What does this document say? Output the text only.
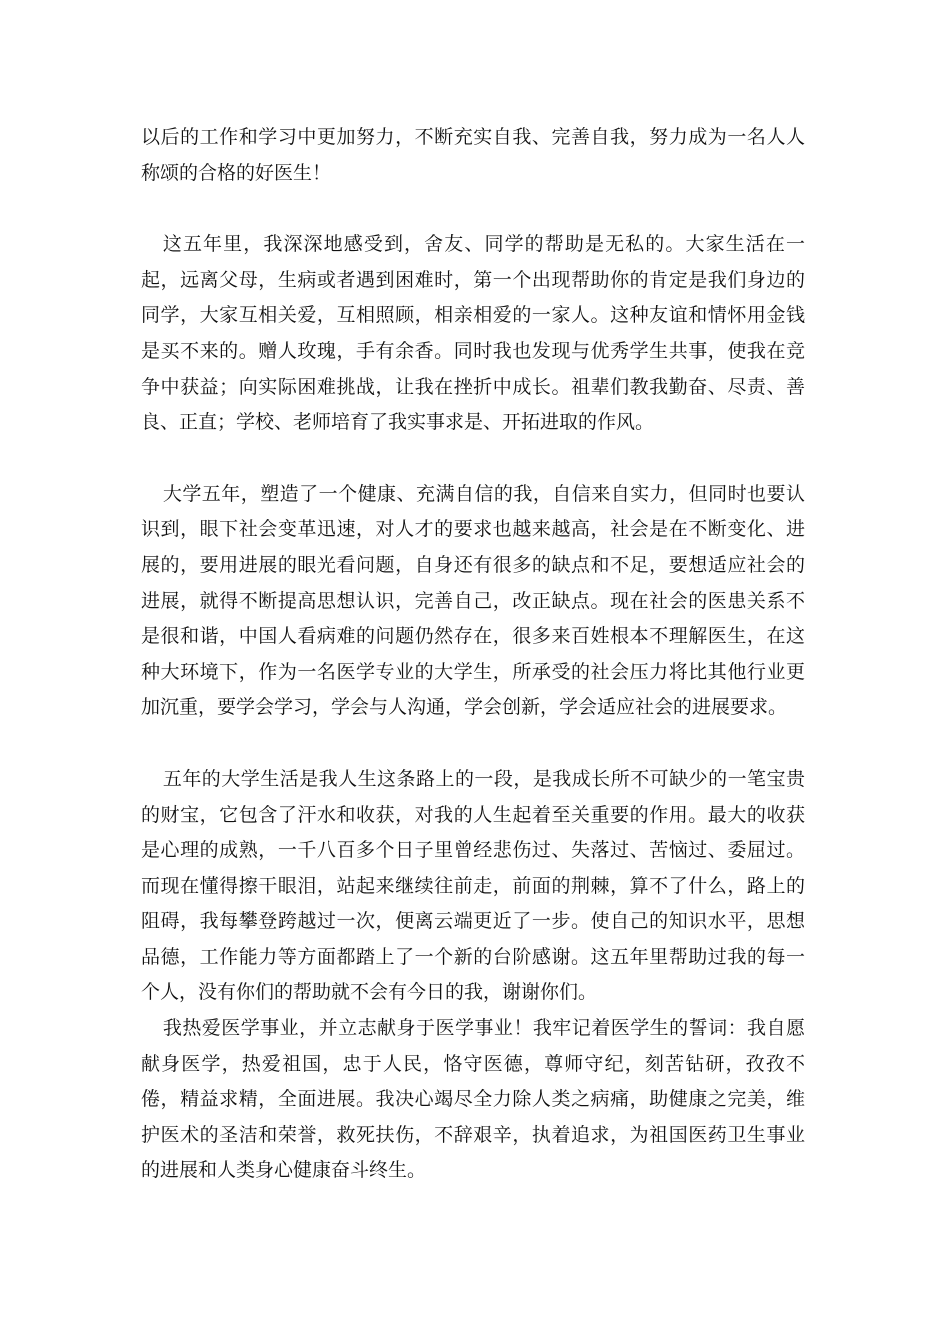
以后的工作和学习中更加努力，不断充实自我、完善自我，努力成为一名人人称颂的合格的好医生！

这五年里，我深深地感受到，舍友、同学的帮助是无私的。大家生活在一起，远离父母，生病或者遇到困难时，第一个出现帮助你的肯定是我们身边的同学，大家互相关爱，互相照顾，相亲相爱的一家人。这种友谊和情怀用金钱是买不来的。赠人玫瑰，手有余香。同时我也发现与优秀学生共事，使我在竞争中获益；向实际困难挑战，让我在挫折中成长。祖辈们教我勤奋、尽责、善良、正直；学校、老师培育了我实事求是、开拓进取的作风。

大学五年，塑造了一个健康、充满自信的我，自信来自实力，但同时也要认识到，眼下社会变革迅速，对人才的要求也越来越高，社会是在不断变化、进展的，要用进展的眼光看问题，自身还有很多的缺点和不足，要想适应社会的进展，就得不断提高思想认识，完善自己，改正缺点。现在社会的医患关系不是很和谐，中国人看病难的问题仍然存在，很多来百姓根本不理解医生，在这种大环境下，作为一名医学专业的大学生，所承受的社会压力将比其他行业更加沉重，要学会学习，学会与人沟通，学会创新，学会适应社会的进展要求。

五年的大学生活是我人生这条路上的一段，是我成长所不可缺少的一笔宝贵的财宝，它包含了汗水和收获，对我的人生起着至关重要的作用。最大的收获是心理的成熟，一千八百多个日子里曾经悲伤过、失落过、苦恼过、委屈过。而现在懂得擦干眼泪，站起来继续往前走，前面的荆棘，算不了什么，路上的阻碍，我每攀登跨越过一次，便离云端更近了一步。使自己的知识水平，思想品德，工作能力等方面都踏上了一个新的台阶感谢。这五年里帮助过我的每一个人，没有你们的帮助就不会有今日的我，谢谢你们。

我热爱医学事业，并立志献身于医学事业！我牢记着医学生的誓词：我自愿献身医学，热爱祖国，忠于人民，恪守医德，尊师守纪，刻苦钻研，孜孜不倦，精益求精，全面进展。我决心竭尽全力除人类之病痛，助健康之完美，维护医术的圣洁和荣誉，救死扶伤，不辞艰辛，执着追求，为祖国医药卫生事业的进展和人类身心健康奋斗终生。
